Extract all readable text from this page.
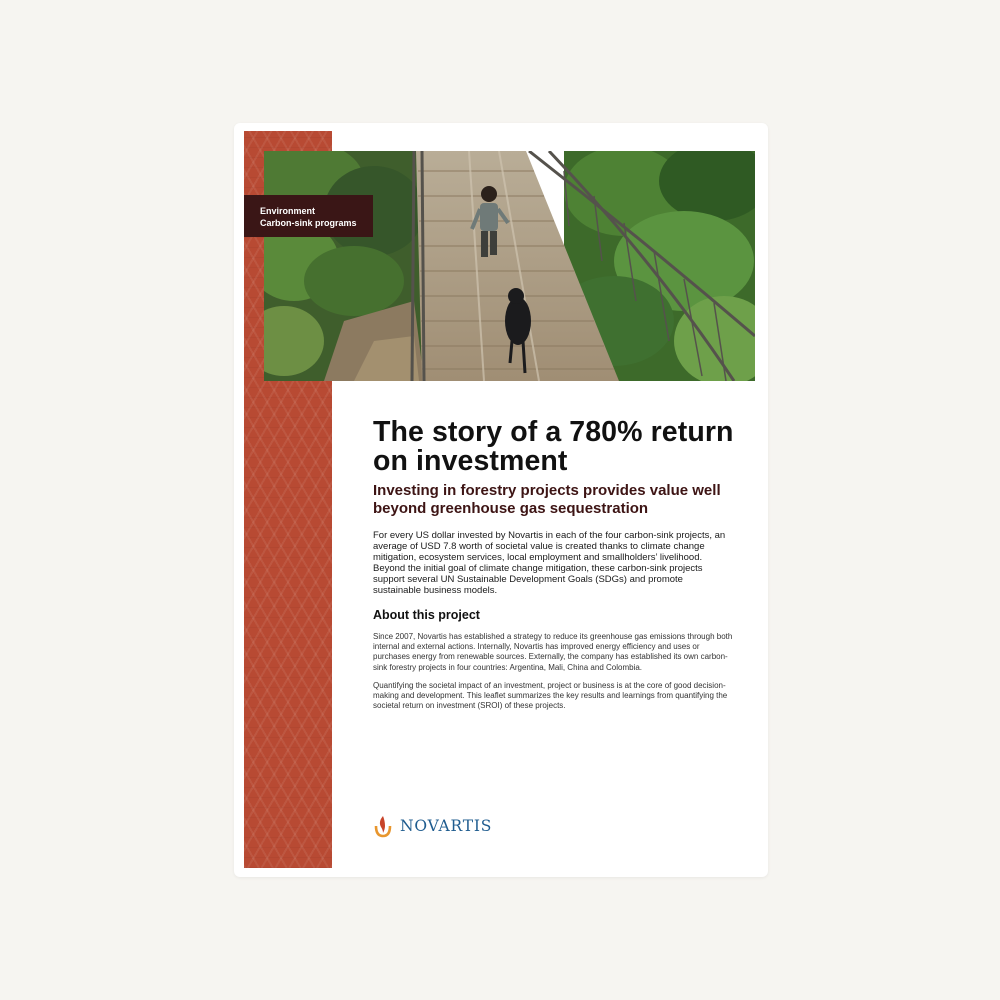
Environment
Carbon-sink programs
The story of a 780% return on investment
Investing in forestry projects provides value well beyond greenhouse gas sequestration

For every US dollar invested by Novartis in each of the four carbon-sink projects, an average of USD 7.8 worth of societal value is created thanks to climate change mitigation, ecosystem services, local employment and smallholders’ livelihood. Beyond the initial goal of climate change mitigation, these carbon-sink projects support several UN Sustainable Development Goals (SDGs) and promote sustainable business models.

About this project

Since 2007, Novartis has established a strategy to reduce its greenhouse gas emissions through both internal and external actions. Internally, Novartis has improved energy efficiency and uses or purchases energy from renewable sources. Externally, the company has established its own carbon-sink forestry projects in four countries: Argentina, Mali, China and Colombia.

Quantifying the societal impact of an investment, project or business is at the core of good decision-making and development. This leaflet summarizes the key results and learnings from quantifying the societal return on investment (SROI) of these projects.

NOVARTIS
